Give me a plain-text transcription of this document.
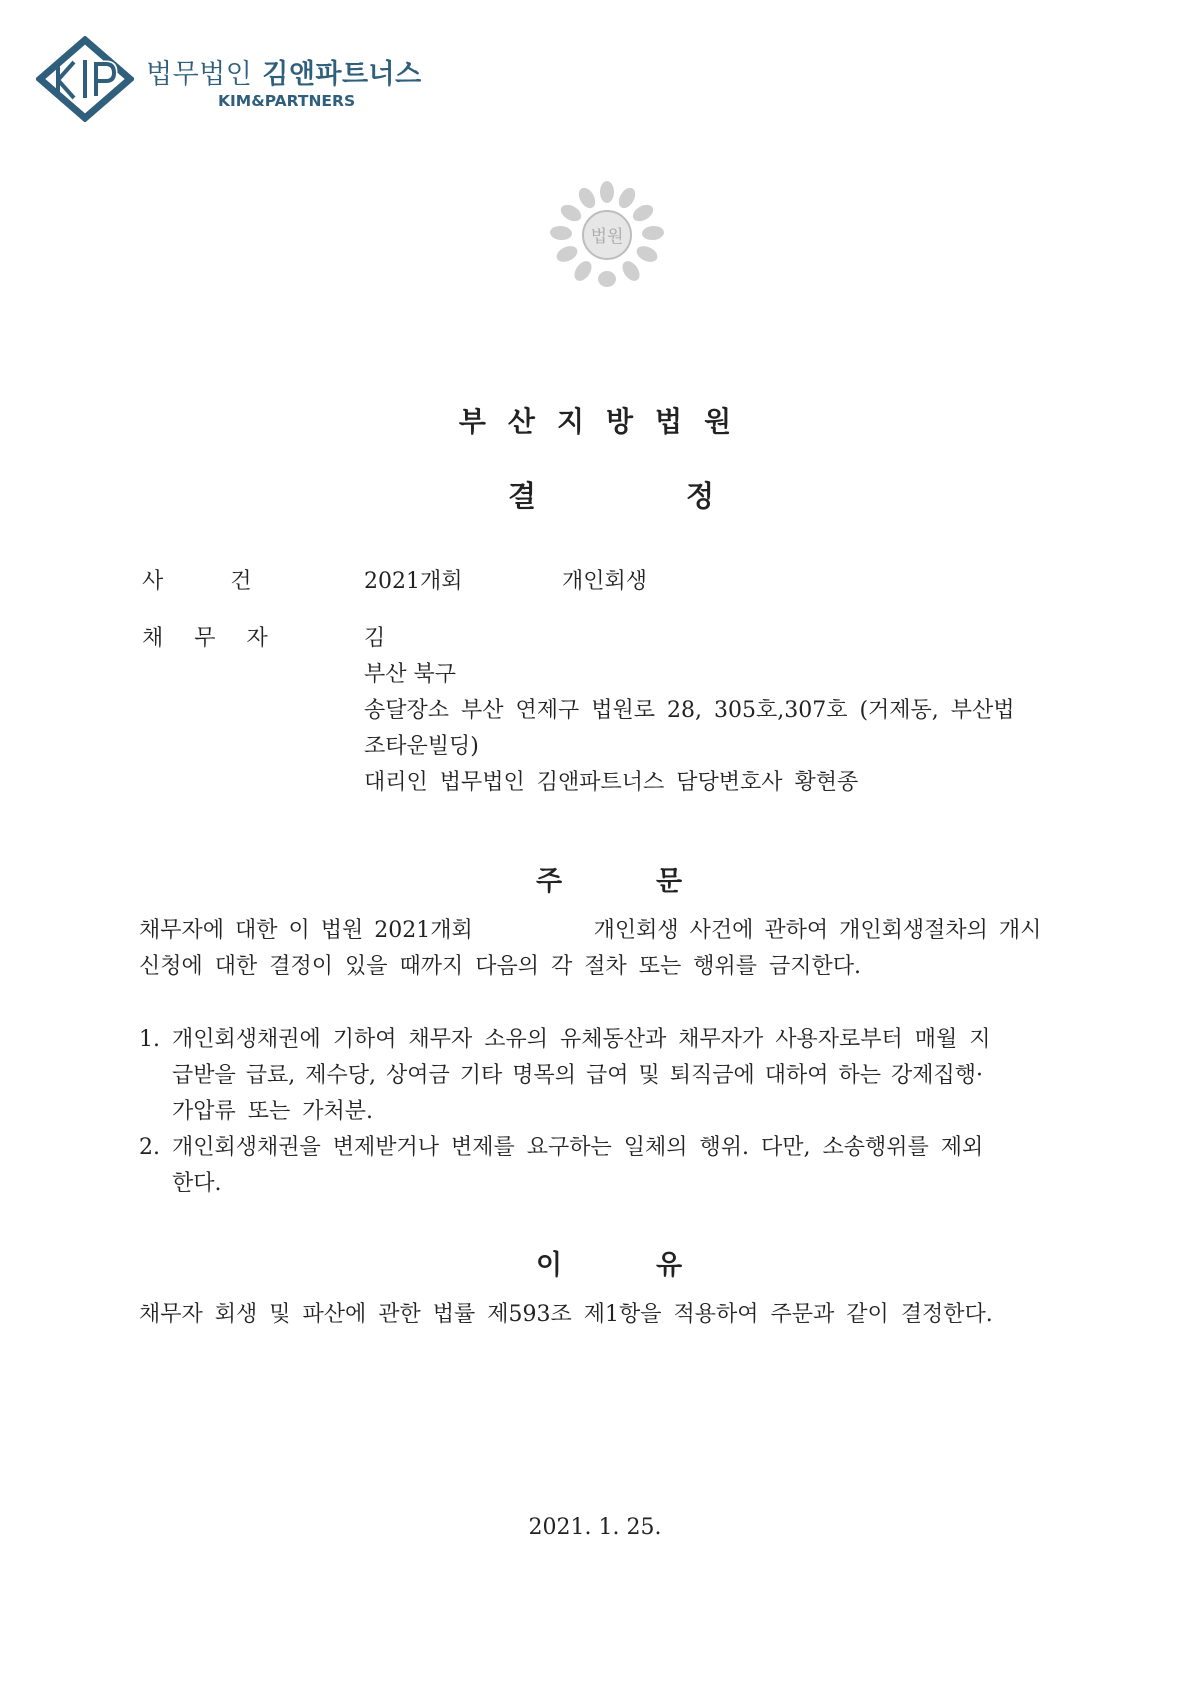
법무법인 김앤파트너스
KIM&PARTNERS
법원
부산지방법원
결	정
사 건	2021개회	개인회생
채 무 자	김
부산 북구
송달장소 부산 연제구 법원로 28, 305호,307호 (거제동, 부산법
조타운빌딩)
대리인 법무법인 김앤파트너스 담당변호사 황현종
주	문
채무자에 대한 이 법원 2021개회           개인회생 사건에 관하여 개인회생절차의 개시
신청에 대한 결정이 있을 때까지 다음의 각 절차 또는 행위를 금지한다.
1. 개인회생채권에 기하여 채무자 소유의 유체동산과 채무자가 사용자로부터 매월 지
급받을 급료, 제수당, 상여금 기타 명목의 급여 및 퇴직금에 대하여 하는 강제집행·
가압류 또는 가처분.
2. 개인회생채권을 변제받거나 변제를 요구하는 일체의 행위. 다만, 소송행위를 제외
한다.
이	유
채무자 회생 및 파산에 관한 법률 제593조 제1항을 적용하여 주문과 같이 결정한다.
2021. 1. 25.
